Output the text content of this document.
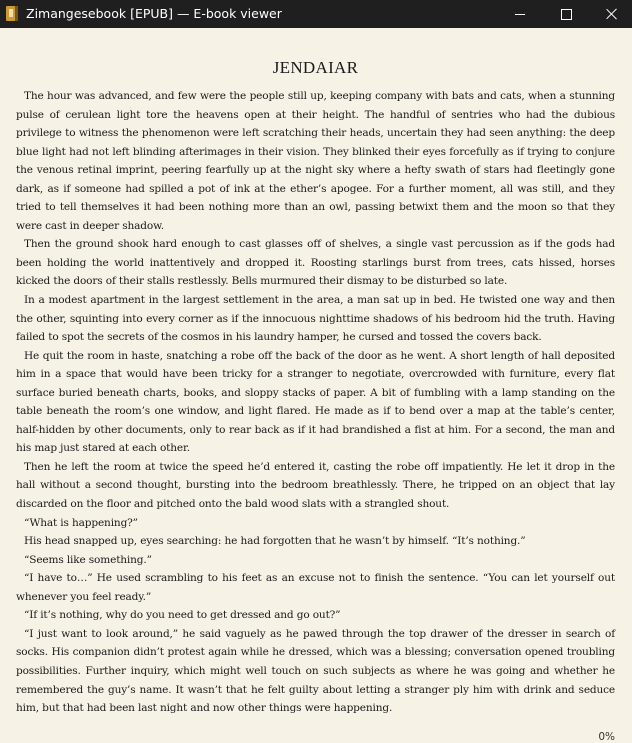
Zimangesebook [EPUB] — E-book viewer
JENDAIAR

The hour was advanced, and few were the people still up, keeping company with bats and cats, when a stunning pulse of cerulean light tore the heavens open at their height. The handful of sentries who had the dubious privilege to witness the phenomenon were left scratching their heads, uncertain they had seen anything: the deep blue light had not left blinding afterimages in their vision. They blinked their eyes forcefully as if trying to conjure the venous retinal imprint, peering fearfully up at the night sky where a hefty swath of stars had fleetingly gone dark, as if someone had spilled a pot of ink at the ether’s apogee. For a further moment, all was still, and they tried to tell themselves it had been nothing more than an owl, passing betwixt them and the moon so that they were cast in deeper shadow.

Then the ground shook hard enough to cast glasses off of shelves, a single vast percussion as if the gods had been holding the world inattentively and dropped it. Roosting starlings burst from trees, cats hissed, horses kicked the doors of their stalls restlessly. Bells murmured their dismay to be disturbed so late.

In a modest apartment in the largest settlement in the area, a man sat up in bed. He twisted one way and then the other, squinting into every corner as if the innocuous nighttime shadows of his bedroom hid the truth. Having failed to spot the secrets of the cosmos in his laundry hamper, he cursed and tossed the covers back.

He quit the room in haste, snatching a robe off the back of the door as he went. A short length of hall deposited him in a space that would have been tricky for a stranger to negotiate, overcrowded with furniture, every flat surface buried beneath charts, books, and sloppy stacks of paper. A bit of fumbling with a lamp standing on the table beneath the room’s one window, and light flared. He made as if to bend over a map at the table’s center, half-hidden by other documents, only to rear back as if it had brandished a fist at him. For a second, the man and his map just stared at each other.

Then he left the room at twice the speed he’d entered it, casting the robe off impatiently. He let it drop in the hall without a second thought, bursting into the bedroom breathlessly. There, he tripped on an object that lay discarded on the floor and pitched onto the bald wood slats with a strangled shout.

“What is happening?”

His head snapped up, eyes searching: he had forgotten that he wasn’t by himself. “It’s nothing.”

“Seems like something.”

“I have to…” He used scrambling to his feet as an excuse not to finish the sentence. “You can let yourself out whenever you feel ready.”

“If it’s nothing, why do you need to get dressed and go out?”

“I just want to look around,” he said vaguely as he pawed through the top drawer of the dresser in search of socks. His companion didn’t protest again while he dressed, which was a blessing; conversation opened troubling possibilities. Further inquiry, which might well touch on such subjects as where he was going and whether he remembered the guy’s name. It wasn’t that he felt guilty about letting a stranger ply him with drink and seduce him, but that had been last night and now other things were happening.

0%
